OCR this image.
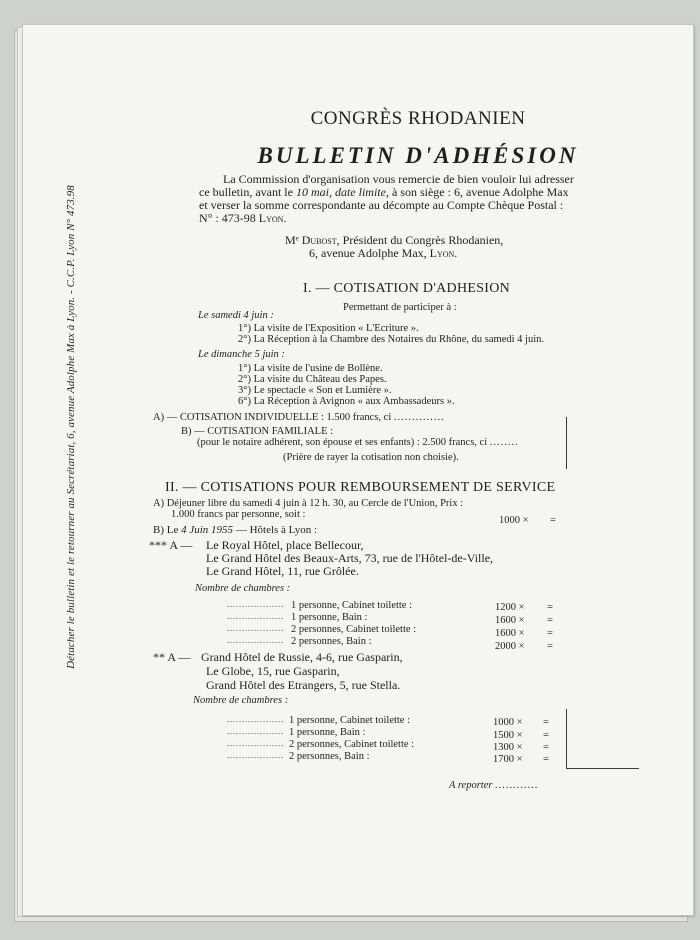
Détacher le bulletin et le retourner au Secrétariat, 6, avenue Adolphe Max à Lyon. - C.C.P. Lyon N° 473.98
CONGRÈS RHODANIEN
BULLETIN D'ADHÉSION
La Commission d'organisation vous remercie de bien vouloir lui adresser
ce bulletin, avant le 10 mai, date limite, à son siège : 6, avenue Adolphe Max
et verser la somme correspondante au décompte au Compte Chèque Postal :
N° : 473-98 Lyon.
Mᵉ Dubost, Président du Congrès Rhodanien,
6, avenue Adolphe Max, Lyon.
I. — COTISATION D'ADHESION
Permettant de participer à :
Le samedi 4 juin :
1°) La visite de l'Exposition « L'Ecriture ».
2°) La Réception à la Chambre des Notaires du Rhône, du samedi 4 juin.
Le dimanche 5 juin :
1°) La visite de l'usine de Bollène.
2°) La visite du Château des Papes.
3°) Le spectacle « Son et Lumière ».
6°) La Réception à Avignon « aux Ambassadeurs ».
A) — COTISATION INDIVIDUELLE : 1.500 francs, ci ..............
B) — COTISATION FAMILIALE :
(pour le notaire adhérent, son épouse et ses enfants) : 2.500 francs, ci ........
(Prière de rayer la cotisation non choisie).
II. — COTISATIONS POUR REMBOURSEMENT DE SERVICE
A) Déjeuner libre du samedi 4 juin à 12 h. 30, au Cercle de l'Union, Prix :
1.000 francs par personne, soit :
1000 × =
B) Le 4 Juin 1955 — Hôtels à Lyon :
*** A — Le Royal Hôtel, place Bellecour,
Le Grand Hôtel des Beaux-Arts, 73, rue de l'Hôtel-de-Ville,
Le Grand Hôtel, 11, rue Grôlée.
Nombre de chambres :
................... 1 personne, Cabinet toilette :	1200 × =
................... 1 personne, Bain :	1600 × =
................... 2 personnes, Cabinet toilette :	1600 × =
................... 2 personnes, Bain :	2000 × =
** A — Grand Hôtel de Russie, 4-6, rue Gasparin,
Le Globe, 15, rue Gasparin,
Grand Hôtel des Etrangers, 5, rue Stella.
Nombre de chambres :
................... 1 personne, Cabinet toilette :	1000 × =
................... 1 personne, Bain :	1500 × =
................... 2 personnes, Cabinet toilette :	1300 × =
................... 2 personnes, Bain :	1700 × =
A reporter ............
